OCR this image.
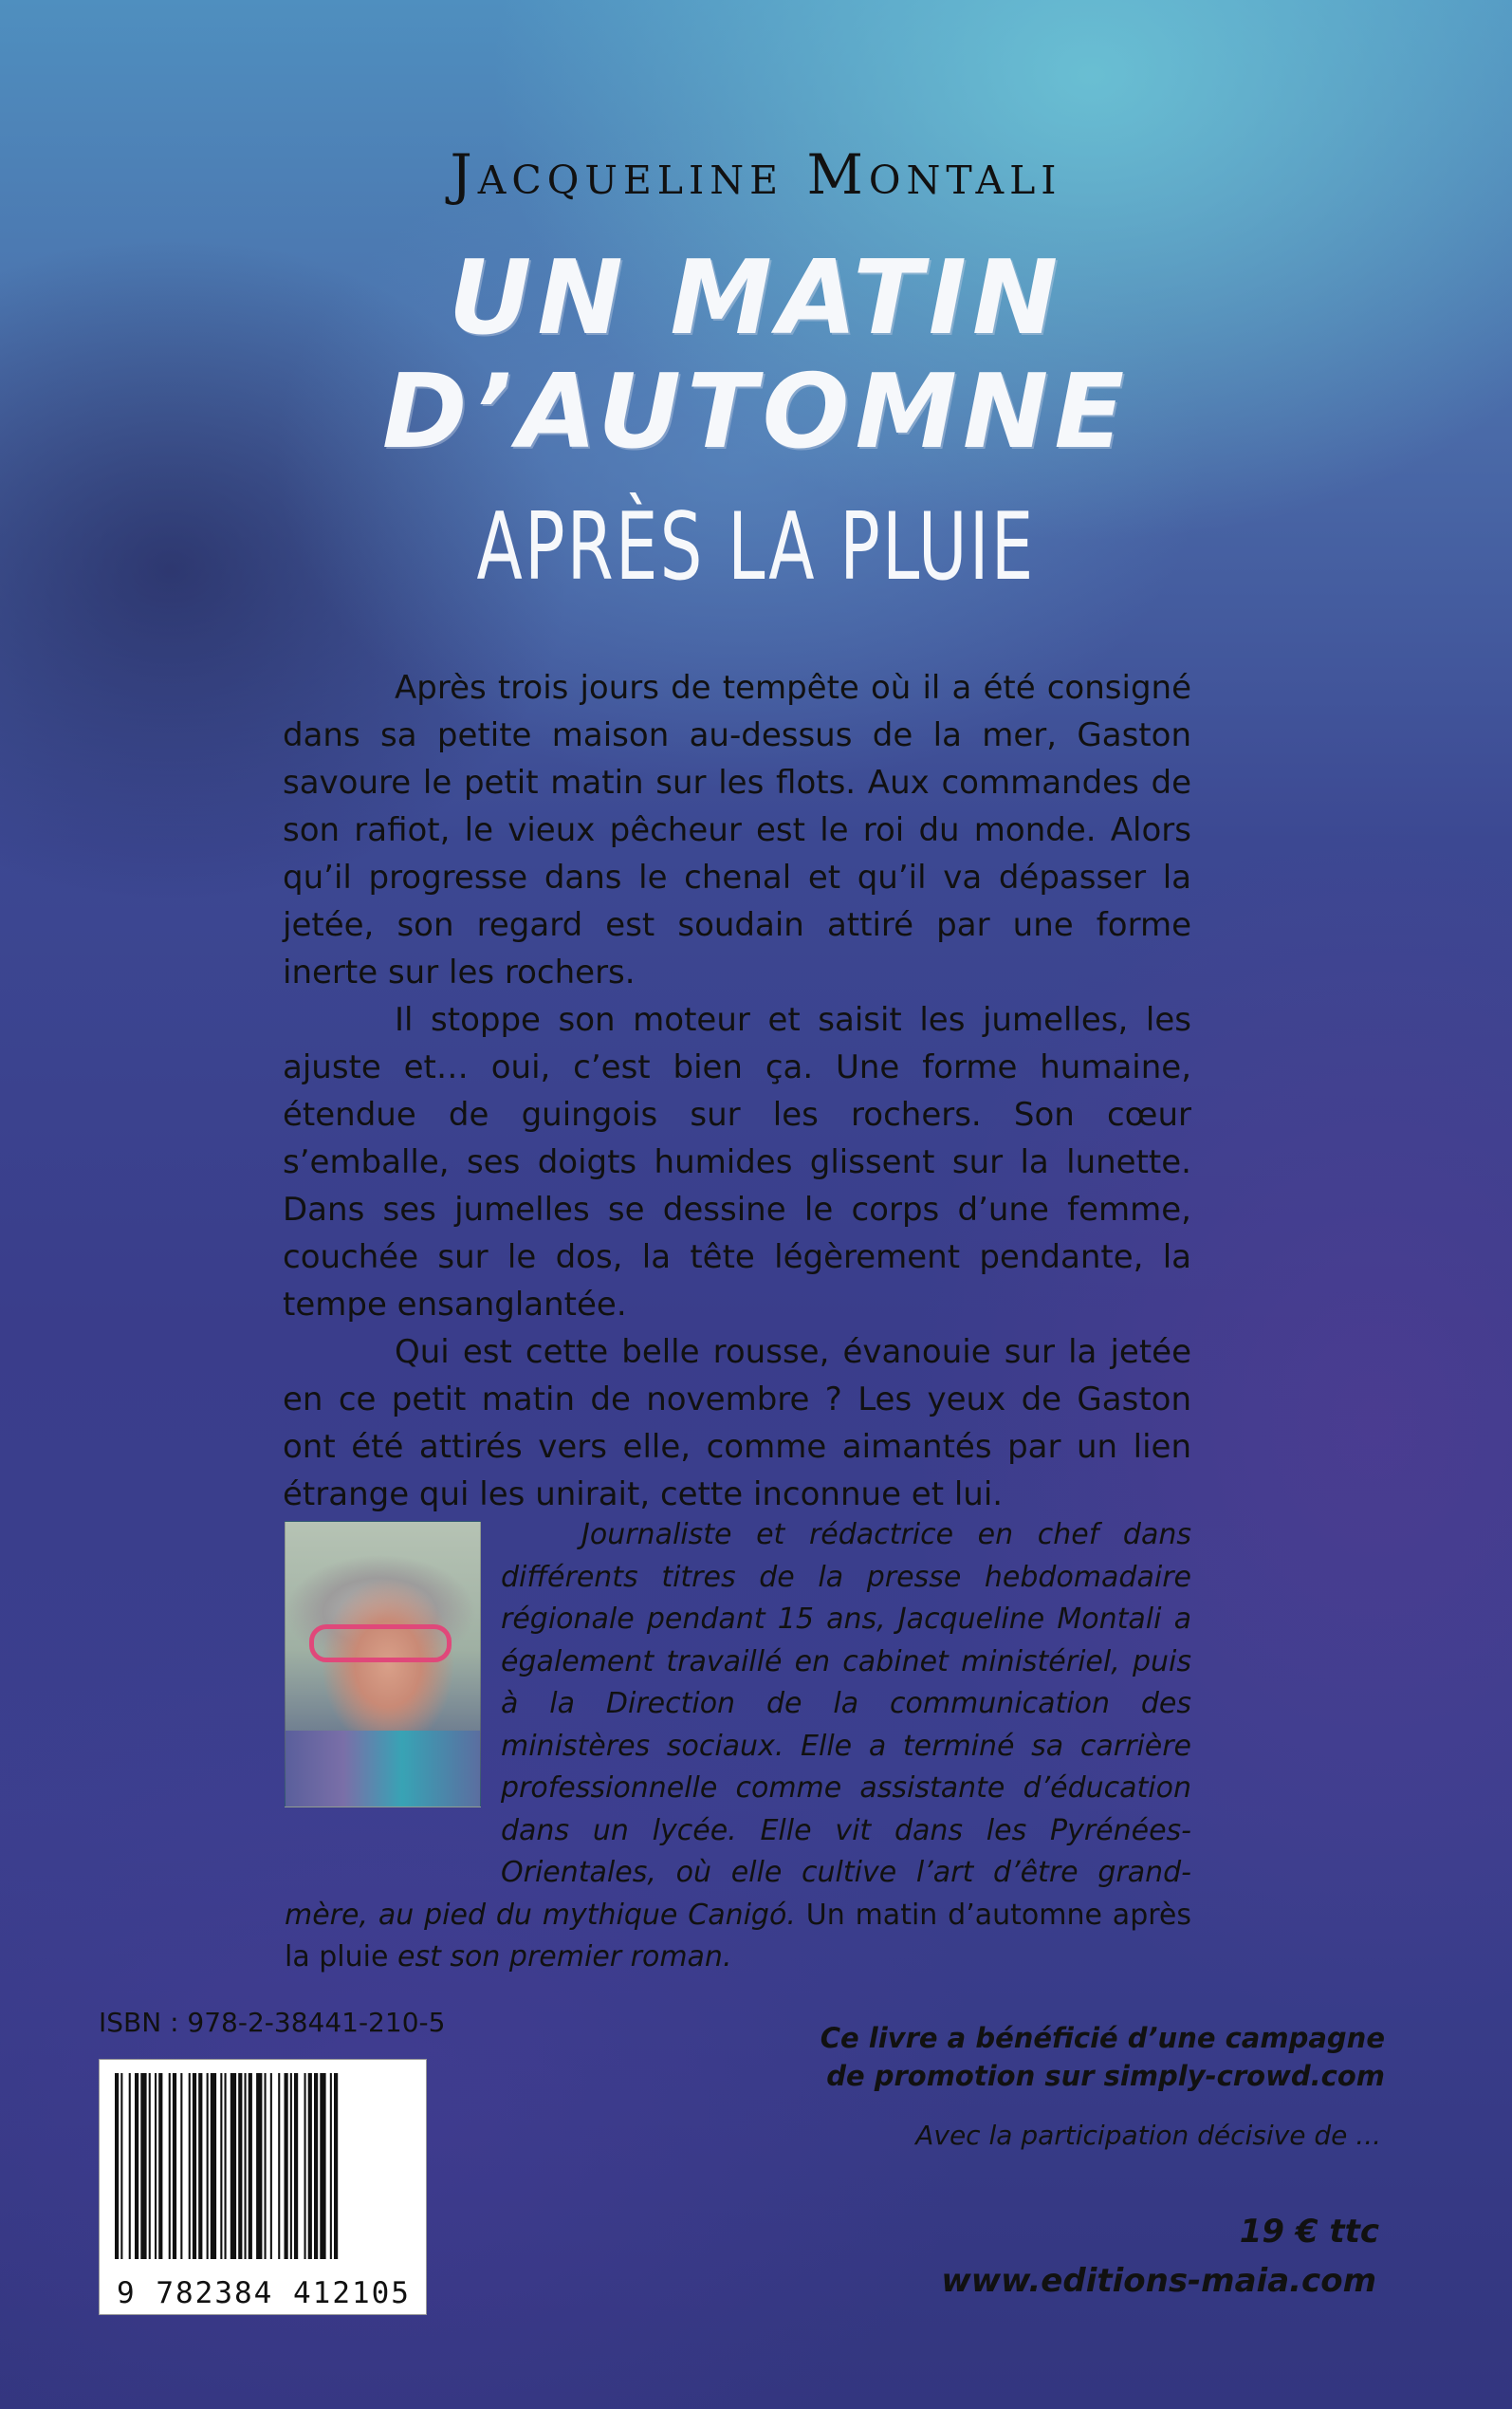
Jacqueline Montali
UN MATIN
D’AUTOMNE
APRÈS LA PLUIE

Après trois jours de tempête où il a été consigné dans sa petite maison au-dessus de la mer, Gaston savoure le petit matin sur les flots. Aux commandes de son rafiot, le vieux pêcheur est le roi du monde. Alors qu’il progresse dans le chenal et qu’il va dépasser la jetée, son regard est soudain attiré par une forme inerte sur les rochers.

Il stoppe son moteur et saisit les jumelles, les ajuste et… oui, c’est bien ça. Une forme humaine, étendue de guingois sur les rochers. Son cœur s’emballe, ses doigts humides glissent sur la lunette. Dans ses jumelles se dessine le corps d’une femme, couchée sur le dos, la tête légèrement pendante, la tempe ensanglantée.

Qui est cette belle rousse, évanouie sur la jetée en ce petit matin de novembre ? Les yeux de Gaston ont été attirés vers elle, comme aimantés par un lien étrange qui les unirait, cette inconnue et lui.

Journaliste et rédactrice en chef dans différents titres de la presse hebdomadaire régionale pendant 15 ans, Jacqueline Montali a également travaillé en cabinet ministériel, puis à la Direction de la communication des ministères sociaux. Elle a terminé sa carrière professionnelle comme assistante d’éducation dans un lycée. Elle vit dans les Pyrénées-Orientales, où elle cultive l’art d’être grand-mère, au pied du mythique Canigó. Un matin d’automne après la pluie est son premier roman.
ISBN : 978-2-38441-210-5
9 782384 412105
Ce livre a bénéficié d’une campagne
de promotion sur simply-crowd.com
Avec la participation décisive de ...
19 € ttc
www.editions-maia.com
